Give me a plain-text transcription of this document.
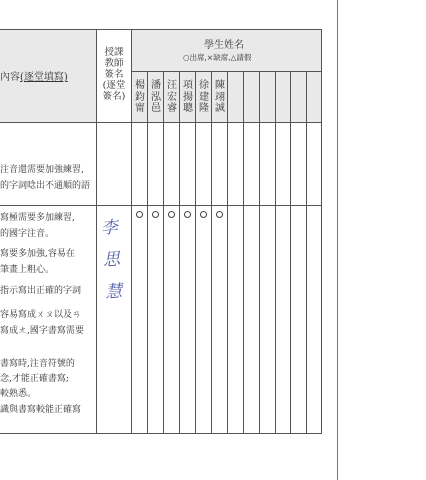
內容(逐堂填寫)
授課
教師
簽名
(逐堂
簽名)
學生姓名
○出席,×缺席,△請假
楊
鈞
甯
潘
泓
邑
汪
宏
睿
項
揚
聰
徐
建
隆
陳
翊
誠
注音還需要加強練習,
的字詞唸出不通順的語
寫極需要多加練習,
的國字注音。
寫要多加強,容易在
筆畫上粗心。
指示寫出正確的字詞
容易寫成ㄨㄡ以及ㄢ
寫成ㄤ,國字書寫需要
書寫時,注音符號的
念,才能正確書寫;
較熟悉。
識與書寫較能正確寫
李思慧
